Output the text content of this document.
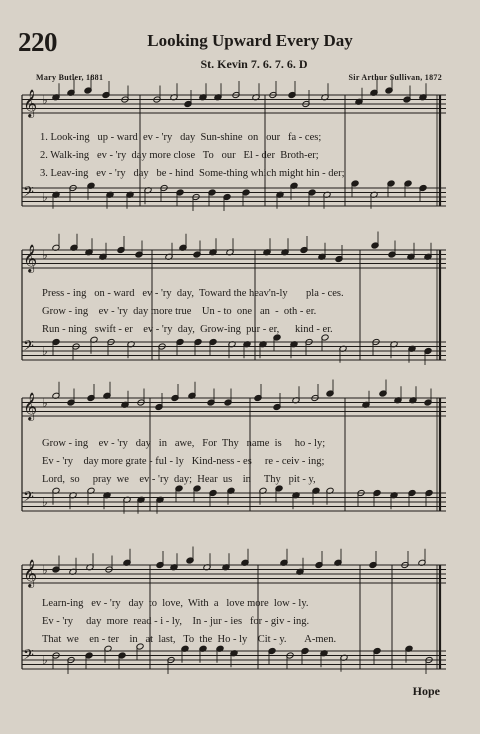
220	Looking Upward Every Day
St. Kevin 7. 6. 7. 6. D
Mary Butler, 1881	Sir Arthur Sullivan, 1872
𝄞 ♭
𝄢 ♭
1. Look-ing   up - ward  ev - 'ry   day  Sun-shine  on   our   fa - ces;
2. Walk-ing   ev - 'ry  day more close   To   our   El - der  Broth-er;
3. Leav-ing   ev - 'ry   day   be - hind  Some-thing which might hin - der;
𝄞 ♭
𝄢 ♭
Press - ing   on - ward   ev - 'ry  day,  Toward the heav'n-ly       pla - ces.
Grow - ing    ev - 'ry  day more true    Un - to  one   an  -  oth - er.
Run - ning   swift - er    ev - 'ry  day,  Grow-ing  pur - er,      kind - er.
𝄞 ♭
𝄢 ♭
Grow - ing    ev - 'ry   day   in   awe,   For  Thy   name  is     ho - ly;
Ev - 'ry    day more grate - ful - ly   Kind-ness - es     re - ceiv - ing;
Lord,  so     pray  we    ev - 'ry  day;  Hear  us    in     Thy   pit - y,
𝄞 ♭
𝄢 ♭
Learn-ing   ev - 'ry   day  to  love,  With  a   love more  low - ly.
Ev - 'ry     day  more  read - i - ly,    In - jur - ies   for - giv - ing.
That  we    en - ter    in   at  last,   To  the  Ho - ly    Cit - y.       A-men.
Hope
